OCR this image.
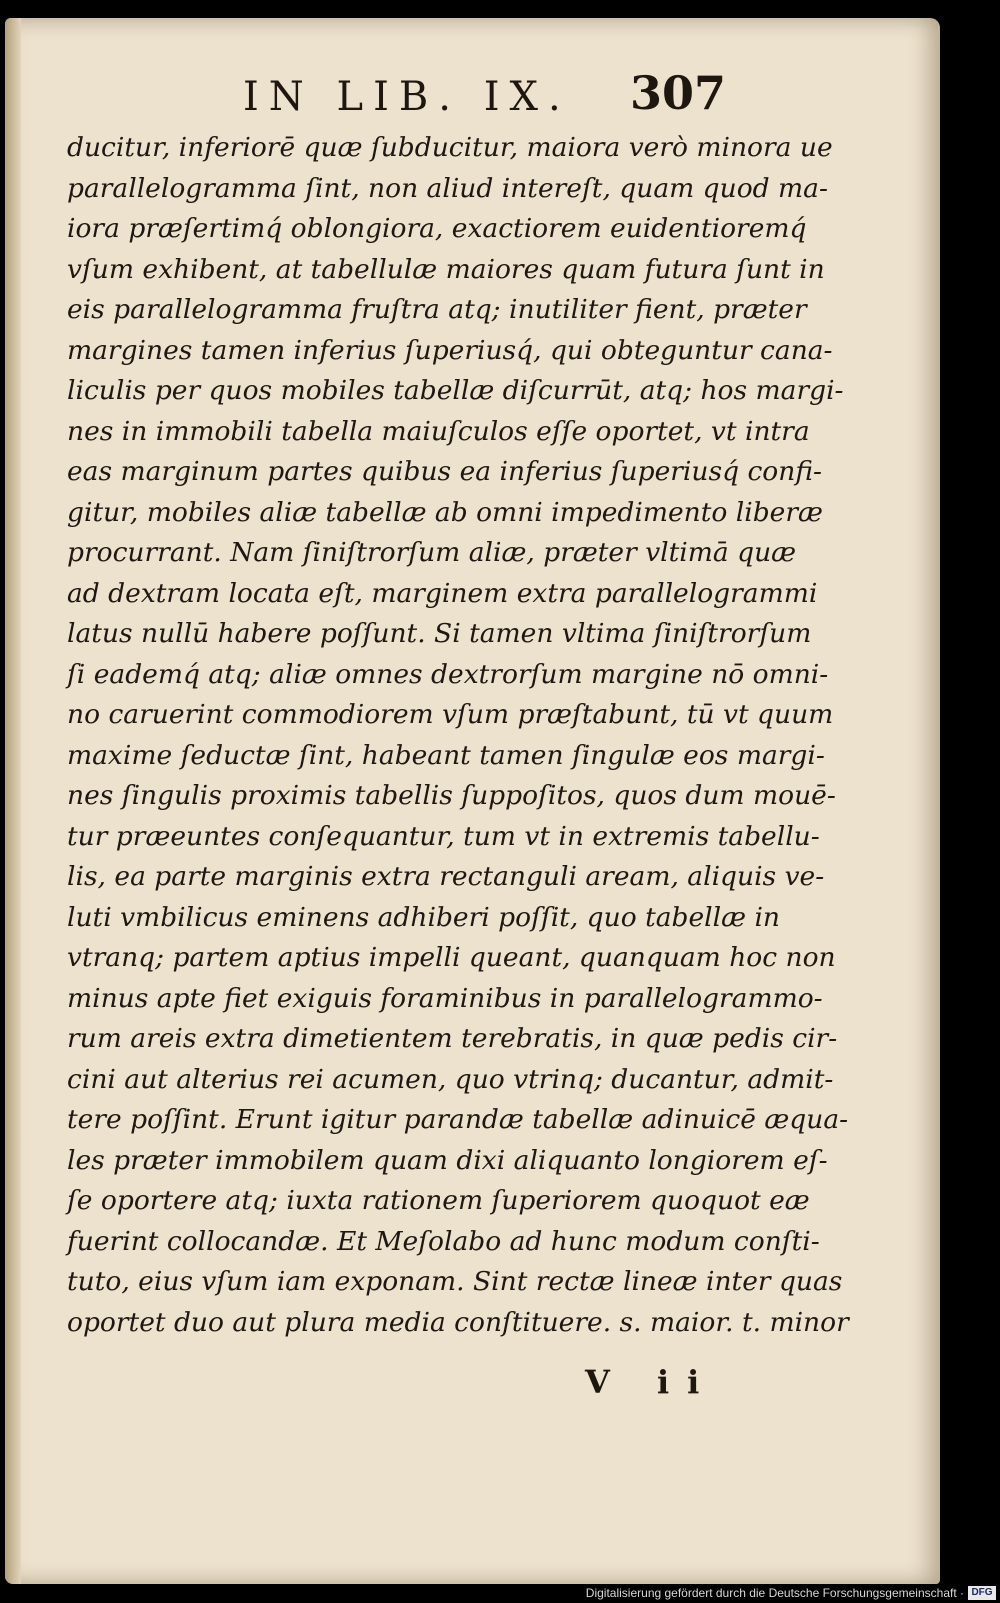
IN LIB. IX. 307
ducitur, inferiorē quæ ſubducitur, maiora verò minora ue
parallelogramma ſint, non aliud intereſt, quam quod ma-
iora præſertimq́ oblongiora, exactiorem euidentioremq́
vſum exhibent, at tabellulæ maiores quam futura ſunt in
eis parallelogramma fruſtra atq; inutiliter fient, præter
margines tamen inferius ſuperiusq́, qui obteguntur cana-
liculis per quos mobiles tabellæ diſcurrūt, atq; hos margi-
nes in immobili tabella maiuſculos eſſe oportet, vt intra
eas marginum partes quibus ea inferius ſuperiusq́ confi-
gitur, mobiles aliæ tabellæ ab omni impedimento liberæ
procurrant. Nam ſiniſtrorſum aliæ, præter vltimā quæ
ad dextram locata eſt, marginem extra parallelogrammi
latus nullū habere poſſunt. Si tamen vltima ſiniſtrorſum
ſi eademq́ atq; aliæ omnes dextrorſum margine nō omni-
no caruerint commodiorem vſum præſtabunt, tū vt quum
maxime ſeductæ ſint, habeant tamen ſingulæ eos margi-
nes ſingulis proximis tabellis ſuppoſitos, quos dum mouē-
tur præeuntes conſequantur, tum vt in extremis tabellu-
lis, ea parte marginis extra rectanguli aream, aliquis ve-
luti vmbilicus eminens adhiberi poſſit, quo tabellæ in
vtranq; partem aptius impelli queant, quanquam hoc non
minus apte fiet exiguis foraminibus in parallelogrammo-
rum areis extra dimetientem terebratis, in quæ pedis cir-
cini aut alterius rei acumen, quo vtrinq; ducantur, admit-
tere poſſint. Erunt igitur parandæ tabellæ adinuicē æqua-
les præter immobilem quam dixi aliquanto longiorem eſ-
ſe oportere atq; iuxta rationem ſuperiorem quoquot eæ
fuerint collocandæ. Et Meſolabo ad hunc modum conſti-
tuto, eius vſum iam exponam. Sint rectæ lineæ inter quas
oportet duo aut plura media conſtituere. s. maior. t. minor
V ii
Digitalisierung gefördert durch die Deutsche Forschungsgemeinschaft · DFG
